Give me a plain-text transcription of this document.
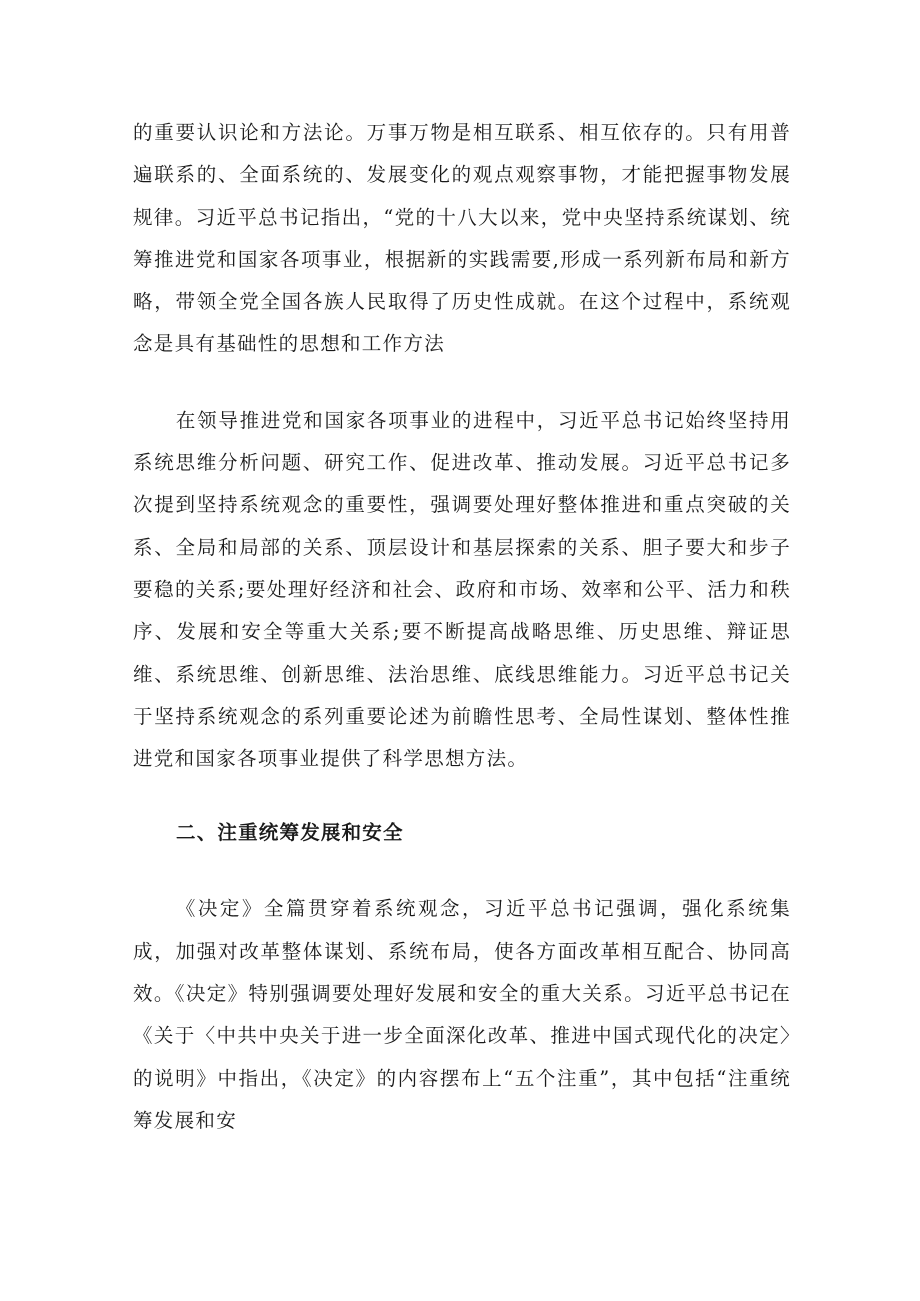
的重要认识论和方法论。万事万物是相互联系、相互依存的。只有用普遍联系的、全面系统的、发展变化的观点观察事物，才能把握事物发展规律。习近平总书记指出，“党的十八大以来，党中央坚持系统谋划、统筹推进党和国家各项事业，根据新的实践需要,形成一系列新布局和新方略，带领全党全国各族人民取得了历史性成就。在这个过程中，系统观念是具有基础性的思想和工作方法

在领导推进党和国家各项事业的进程中，习近平总书记始终坚持用系统思维分析问题、研究工作、促进改革、推动发展。习近平总书记多次提到坚持系统观念的重要性，强调要处理好整体推进和重点突破的关系、全局和局部的关系、顶层设计和基层探索的关系、胆子要大和步子要稳的关系;要处理好经济和社会、政府和市场、效率和公平、活力和秩序、发展和安全等重大关系;要不断提高战略思维、历史思维、辩证思维、系统思维、创新思维、法治思维、底线思维能力。习近平总书记关于坚持系统观念的系列重要论述为前瞻性思考、全局性谋划、整体性推进党和国家各项事业提供了科学思想方法。

二、注重统筹发展和安全

《决定》全篇贯穿着系统观念，习近平总书记强调，强化系统集成，加强对改革整体谋划、系统布局，使各方面改革相互配合、协同高效。《决定》特别强调要处理好发展和安全的重大关系。习近平总书记在《关于〈中共中央关于进一步全面深化改革、推进中国式现代化的决定〉的说明》中指出，《决定》的内容摆布上“五个注重”，其中包括“注重统筹发展和安
